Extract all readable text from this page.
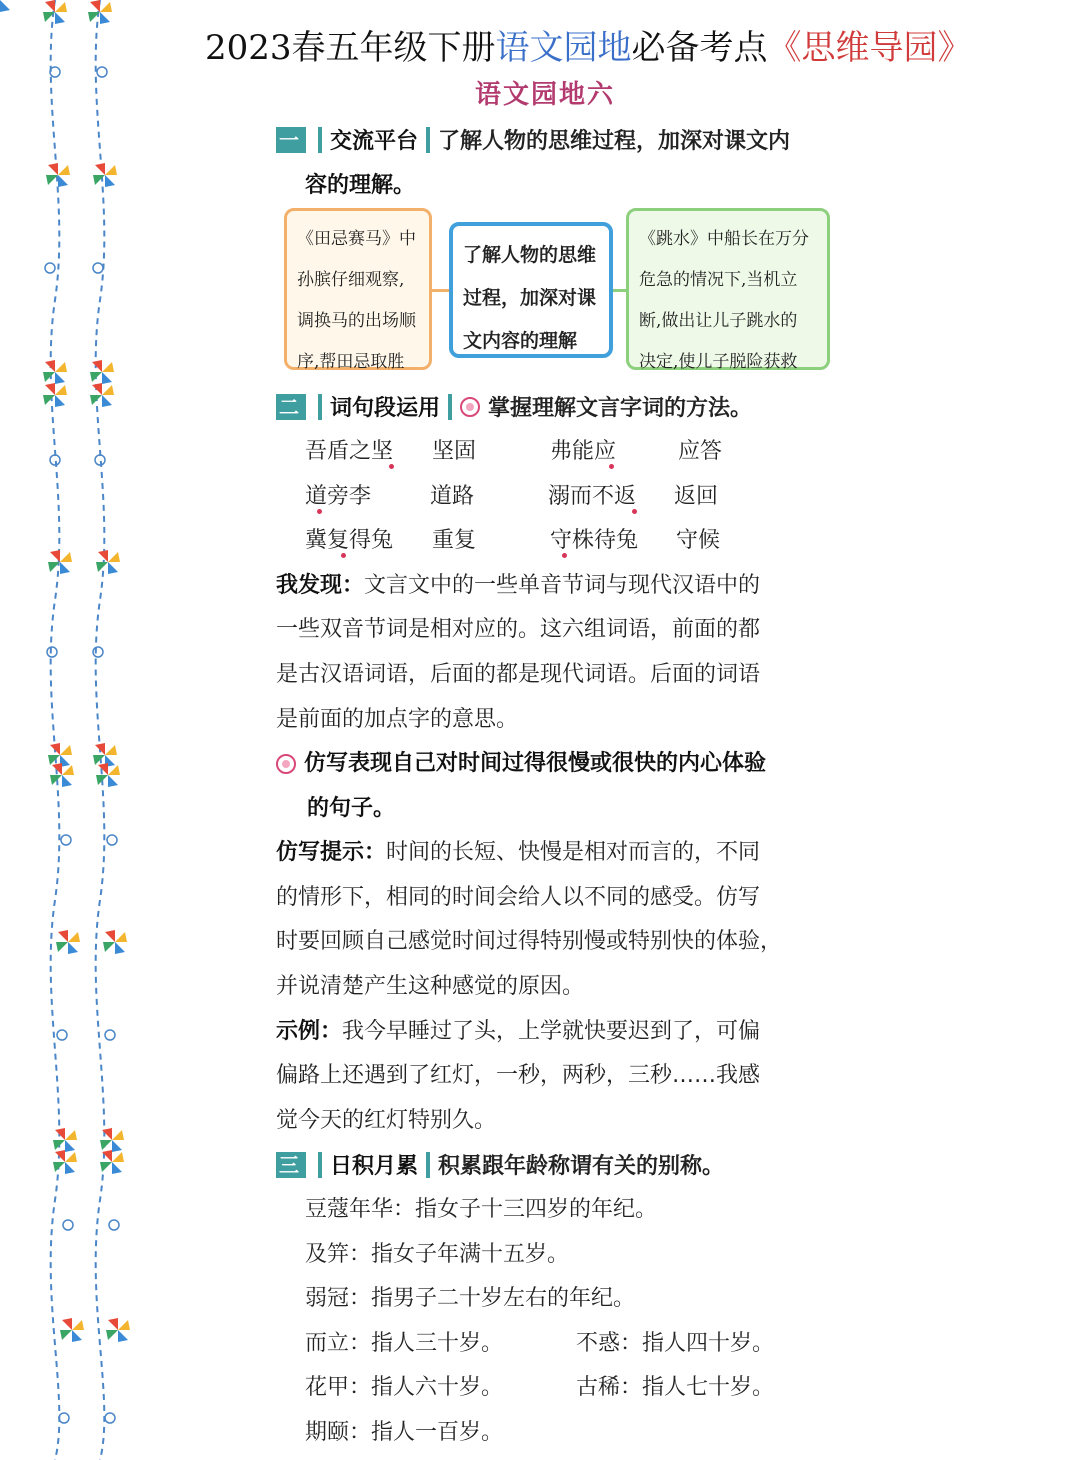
2023春五年级下册语文园地必备考点《思维导园》
语文园地六
一	交流平台 了解人物的思维过程，加深对课文内
容的理解。
《田忌赛马》中
孙膑仔细观察,
调换马的出场顺
序,帮田忌取胜
了解人物的思维
过程，加深对课
文内容的理解
《跳水》中船长在万分
危急的情况下,当机立
断,做出让儿子跳水的
决定,使儿子脱险获救
二	词句段运用 掌握理解文言字词的方法。
吾盾之坚 坚固	弗能应	应答
道旁李	道路	溺而不返 返回
冀复得兔 重复	守株待兔 守候
我发现：文言文中的一些单音节词与现代汉语中的
一些双音节词是相对应的。这六组词语，前面的都
是古汉语词语，后面的都是现代词语。后面的词语
是前面的加点字的意思。
仿写表现自己对时间过得很慢或很快的内心体验
的句子。
仿写提示：时间的长短、快慢是相对而言的，不同
的情形下，相同的时间会给人以不同的感受。仿写
时要回顾自己感觉时间过得特别慢或特别快的体验，
并说清楚产生这种感觉的原因。
示例：我今早睡过了头，上学就快要迟到了，可偏
偏路上还遇到了红灯，一秒，两秒，三秒……我感
觉今天的红灯特别久。
三	日积月累 积累跟年龄称谓有关的别称。
豆蔻年华：指女子十三四岁的年纪。
及笄：指女子年满十五岁。
弱冠：指男子二十岁左右的年纪。
而立：指人三十岁。	不惑：指人四十岁。
花甲：指人六十岁。	古稀：指人七十岁。
期颐：指人一百岁。
